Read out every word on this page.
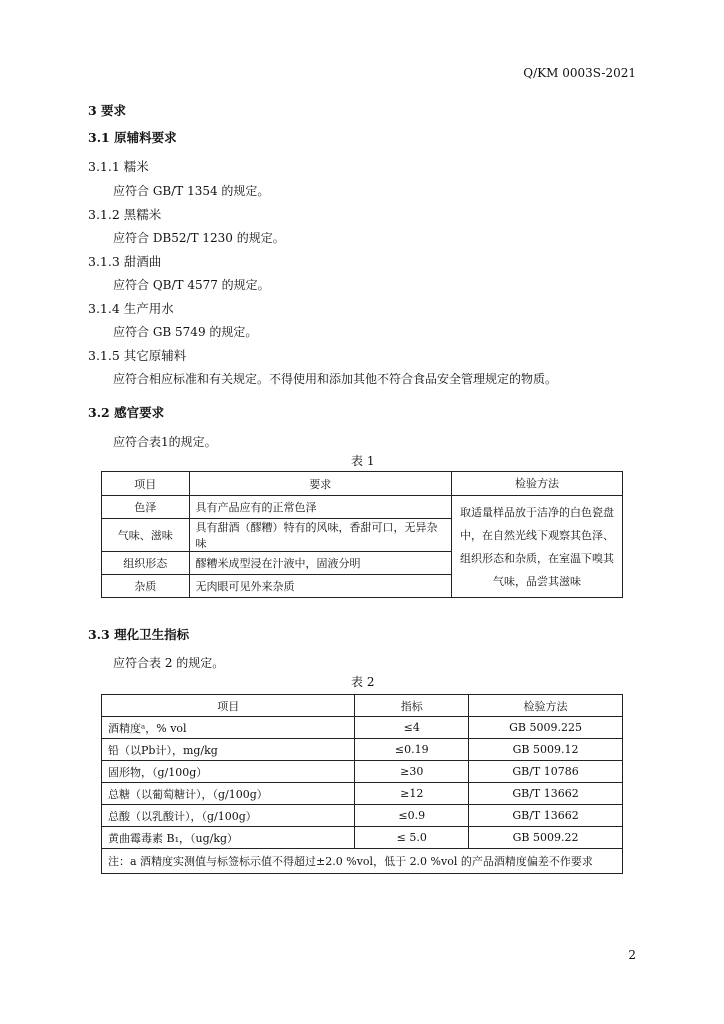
Q/KM 0003S-2021
3 要求
3.1 原辅料要求
3.1.1 糯米
应符合 GB/T 1354 的规定。
3.1.2 黑糯米
应符合 DB52/T 1230 的规定。
3.1.3 甜酒曲
应符合 QB/T 4577 的规定。
3.1.4 生产用水
应符合 GB 5749 的规定。
3.1.5 其它原辅料
应符合相应标准和有关规定。不得使用和添加其他不符合食品安全管理规定的物质。
3.2 感官要求
应符合表1的规定。
表 1
项目	要求	检验方法
色泽	具有产品应有的正常色泽	取适量样品放于洁净的白色瓷盘中，在自然光线下观察其色泽、组织形态和杂质，在室温下嗅其气味，品尝其滋味
气味、滋味	具有甜酒（醪糟）特有的风味，香甜可口，无异杂味	
组织形态	醪糟米成型浸在汁液中，固液分明	
杂质	无肉眼可见外来杂质	
3.3 理化卫生指标
应符合表 2 的规定。
表 2
项目	指标	检验方法
酒精度ᵃ，% vol	≤4	GB 5009.225
铅（以Pb计），mg/kg	≤0.19	GB 5009.12
固形物，（g/100g）	≥30	GB/T 10786
总糖（以葡萄糖计），（g/100g）	≥12	GB/T 13662
总酸（以乳酸计），（g/100g）	≤0.9	GB/T 13662
黄曲霉毒素 B₁，（ug/kg）	≤ 5.0	GB 5009.22
注：a 酒精度实测值与标签标示值不得超过±2.0 %vol，低于 2.0 %vol 的产品酒精度偏差不作要求		
2
